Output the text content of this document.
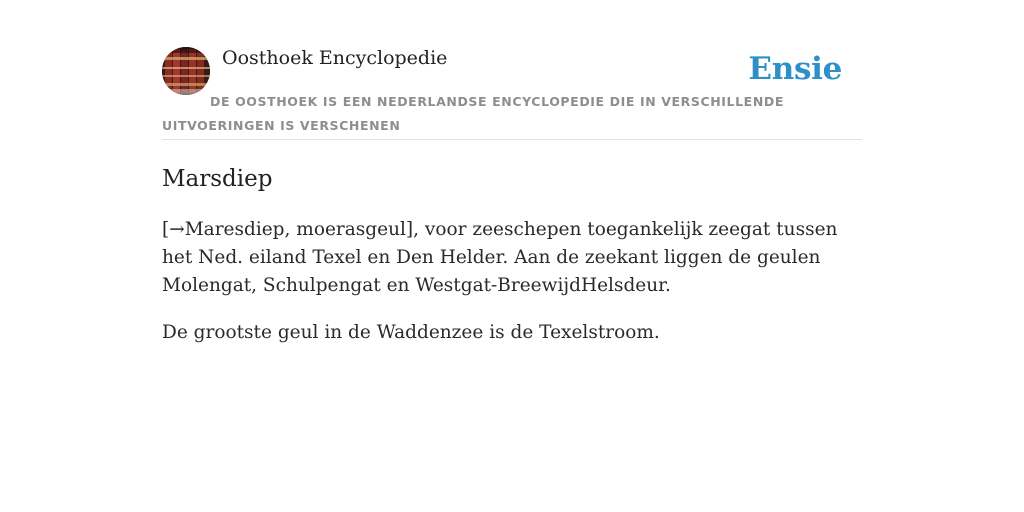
Oosthoek Encyclopedie	Ensie

DE OOSTHOEK IS EEN NEDERLANDSE ENCYCLOPEDIE DIE IN VERSCHILLENDE UITVOERINGEN IS VERSCHENEN

Marsdiep

[→Maresdiep, moerasgeul], voor zeeschepen toegankelijk zeegat tussen het Ned. eiland Texel en Den Helder. Aan de zeekant liggen de geulen Molengat, Schulpengat en Westgat-BreewijdHelsdeur.

De grootste geul in de Waddenzee is de Texelstroom.
